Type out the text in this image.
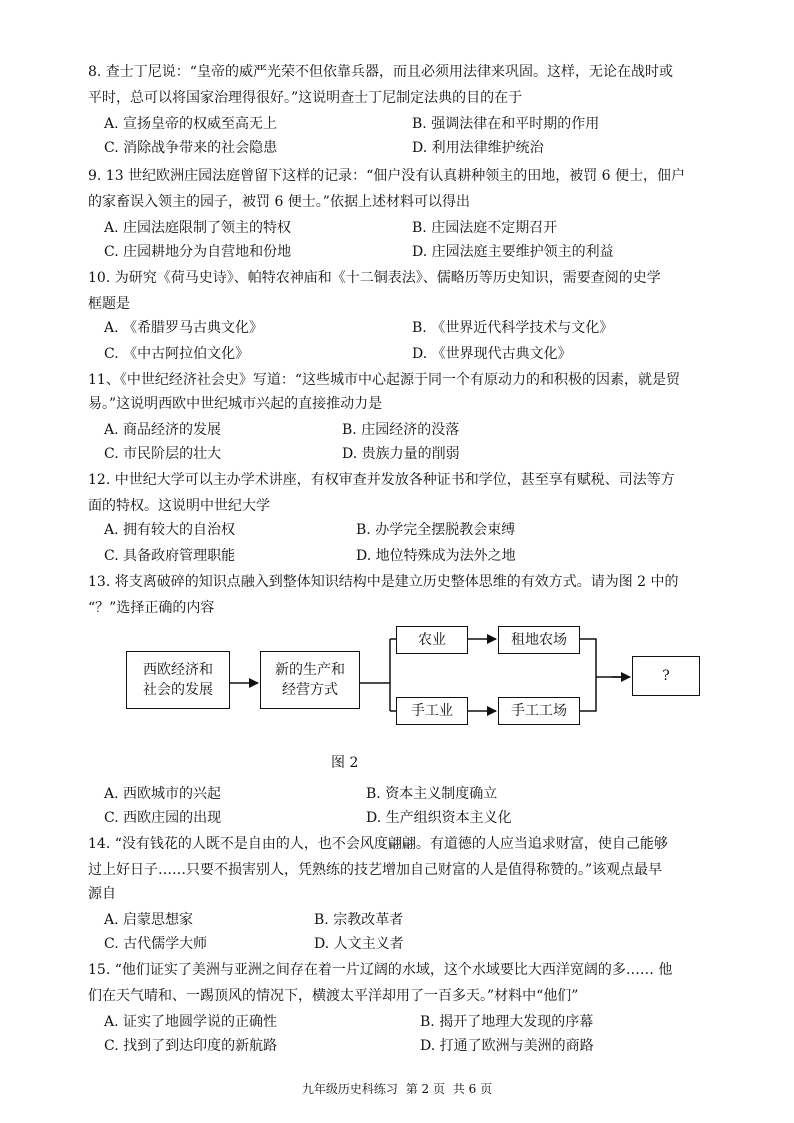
8. 查士丁尼说：“皇帝的威严光荣不但依靠兵器，而且必须用法律来巩固。这样，无论在战时或
平时，总可以将国家治理得很好。”这说明查士丁尼制定法典的目的在于
A. 宣扬皇帝的权威至高无上	B. 强调法律在和平时期的作用
C. 消除战争带来的社会隐患	D. 利用法律维护统治
9. 13 世纪欧洲庄园法庭曾留下这样的记录：“佃户没有认真耕种领主的田地，被罚 6 便士，佃户
的家畜误入领主的园子，被罚 6 便士。”依据上述材料可以得出
A. 庄园法庭限制了领主的特权	B. 庄园法庭不定期召开
C. 庄园耕地分为自营地和份地	D. 庄园法庭主要维护领主的利益
10. 为研究《荷马史诗》、帕特农神庙和《十二铜表法》、儒略历等历史知识，需要查阅的史学
框题是
A. 《希腊罗马古典文化》	B. 《世界近代科学技术与文化》
C. 《中古阿拉伯文化》	D. 《世界现代古典文化》
11、《中世纪经济社会史》写道：“这些城市中心起源于同一个有原动力的和积极的因素，就是贸
易。”这说明西欧中世纪城市兴起的直接推动力是
A. 商品经济的发展	B. 庄园经济的没落
C. 市民阶层的壮大	D. 贵族力量的削弱
12. 中世纪大学可以主办学术讲座，有权审查并发放各种证书和学位，甚至享有赋税、司法等方
面的特权。这说明中世纪大学
A. 拥有较大的自治权	B. 办学完全摆脱教会束缚
C. 具备政府管理职能	D. 地位特殊成为法外之地
13. 将支离破碎的知识点融入到整体知识结构中是建立历史整体思维的有效方式。请为图 2 中的
“？”选择正确的内容
西欧经济和
社会的发展
新的生产和
经营方式
农业	租地农场
手工业	手工工场
?
图 2
A. 西欧城市的兴起	B. 资本主义制度确立
C. 西欧庄园的出现	D. 生产组织资本主义化
14. “没有钱花的人既不是自由的人，也不会风度翩翩。有道德的人应当追求财富，使自己能够
过上好日子……只要不损害别人，凭熟练的技艺增加自己财富的人是值得称赞的。”该观点最早
源自
A. 启蒙思想家	B. 宗教改革者
C. 古代儒学大师	D. 人文主义者
15. “他们证实了美洲与亚洲之间存在着一片辽阔的水域，这个水域要比大西洋宽阔的多…… 他
们在天气晴和、一踢顶风的情况下，横渡太平洋却用了一百多天。”材料中“他们”
A. 证实了地圆学说的正确性	B. 揭开了地理大发现的序幕
C. 找到了到达印度的新航路	D. 打通了欧洲与美洲的商路
九年级历史科练习 第 2 页 共 6 页
